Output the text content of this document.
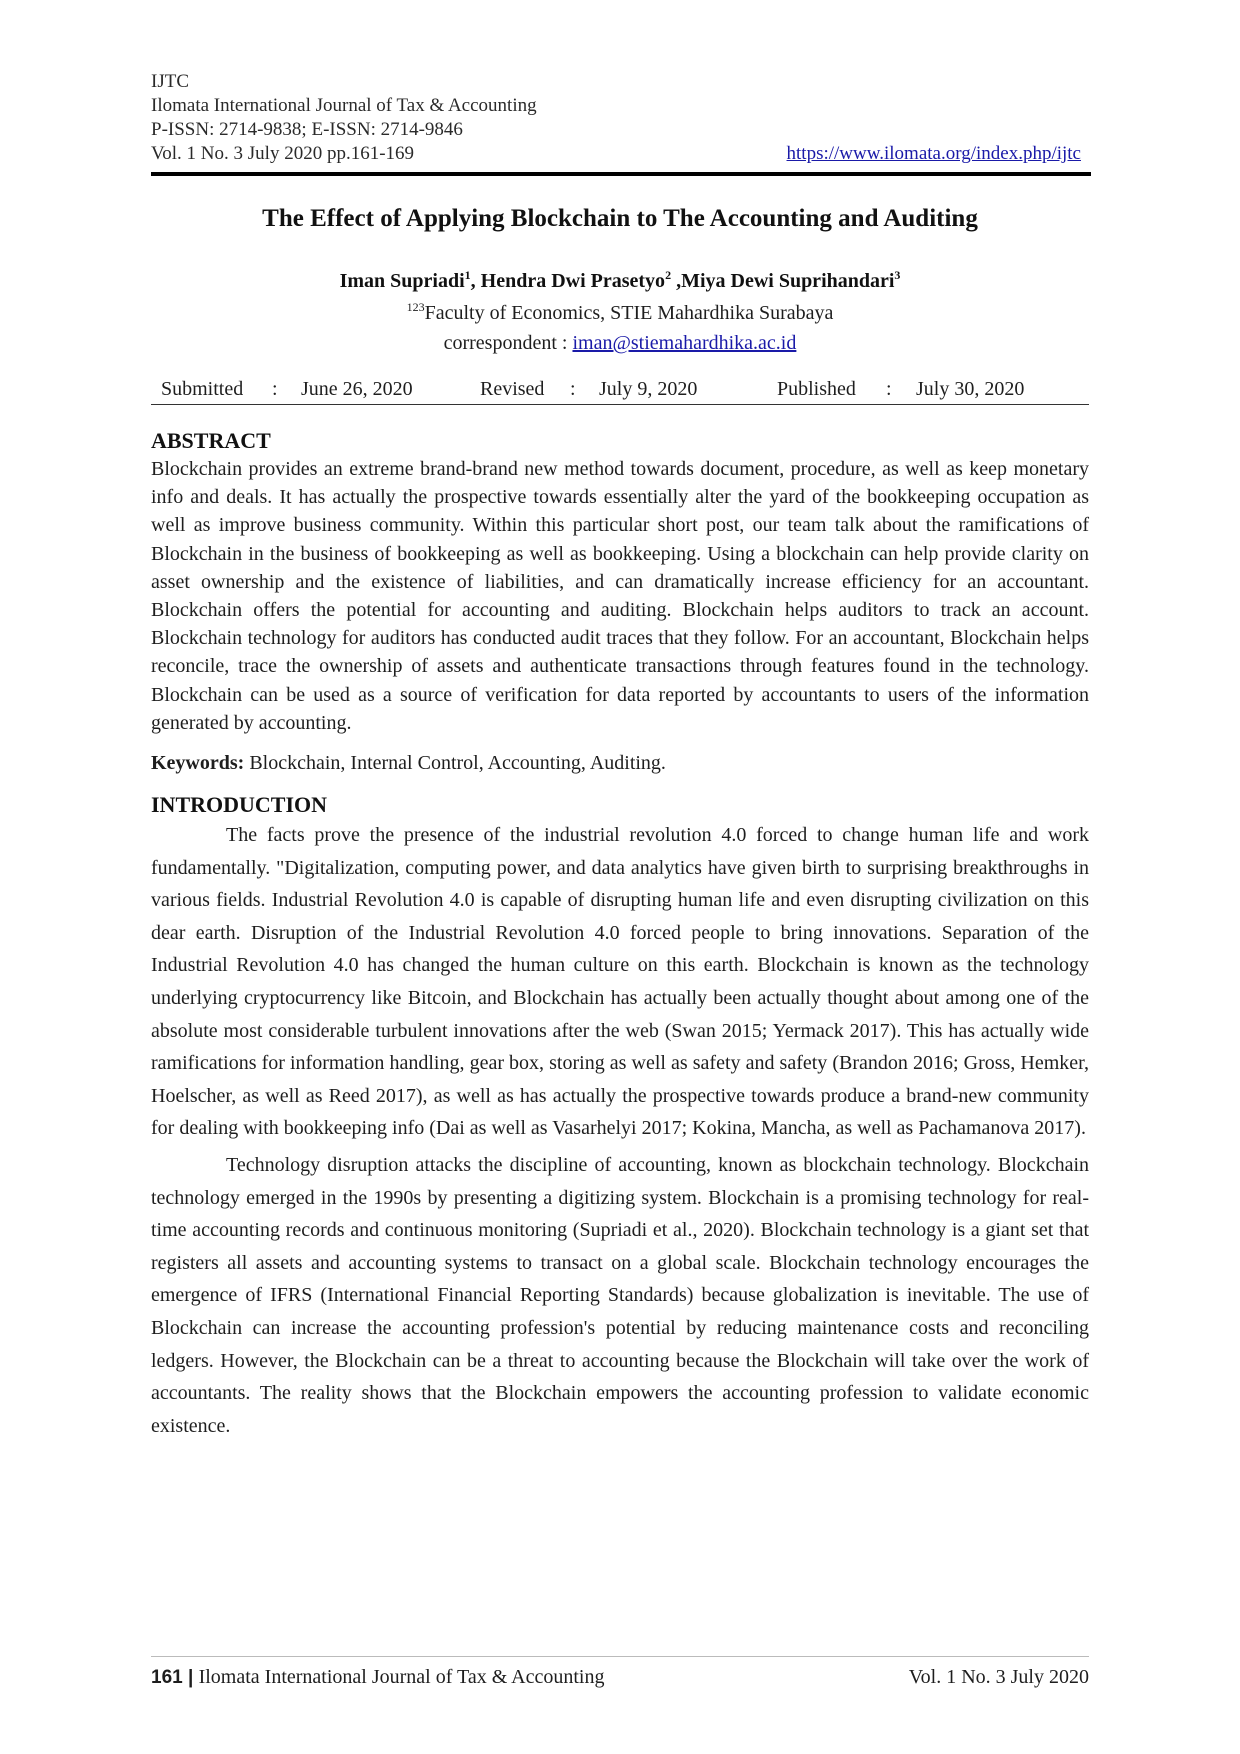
IJTC
Ilomata International Journal of Tax & Accounting
P-ISSN: 2714-9838; E-ISSN: 2714-9846
Vol. 1 No. 3 July 2020 pp.161-169	https://www.ilomata.org/index.php/ijtc
The Effect of Applying Blockchain to The Accounting and Auditing
Iman Supriadi$^1$, Hendra Dwi Prasetyo$^2$ ,Miya Dewi Suprihandari$^3$
$^{123}$Faculty of Economics, STIE Mahardhika Surabaya
correspondent : iman@stiemahardhika.ac.id
Submitted : June 26, 2020	Revised : July 9, 2020	Published : July 30, 2020
ABSTRACT

Blockchain provides an extreme brand-brand new method towards document, procedure, as well as keep monetary info and deals. It has actually the prospective towards essentially alter the yard of the bookkeeping occupation as well as improve business community. Within this particular short post, our team talk about the ramifications of Blockchain in the business of bookkeeping as well as bookkeeping. Using a blockchain can help provide clarity on asset ownership and the existence of liabilities, and can dramatically increase efficiency for an accountant. Blockchain offers the potential for accounting and auditing. Blockchain helps auditors to track an account. Blockchain technology for auditors has conducted audit traces that they follow. For an accountant, Blockchain helps reconcile, trace the ownership of assets and authenticate transactions through features found in the technology. Blockchain can be used as a source of verification for data reported by accountants to users of the information generated by accounting.

Keywords: Blockchain, Internal Control, Accounting, Auditing.
INTRODUCTION

The facts prove the presence of the industrial revolution 4.0 forced to change human life and work fundamentally. "Digitalization, computing power, and data analytics have given birth to surprising breakthroughs in various fields. Industrial Revolution 4.0 is capable of disrupting human life and even disrupting civilization on this dear earth. Disruption of the Industrial Revolution 4.0 forced people to bring innovations. Separation of the Industrial Revolution 4.0 has changed the human culture on this earth. Blockchain is known as the technology underlying cryptocurrency like Bitcoin, and Blockchain has actually been actually thought about among one of the absolute most considerable turbulent innovations after the web (Swan 2015; Yermack 2017). This has actually wide ramifications for information handling, gear box, storing as well as safety and safety (Brandon 2016; Gross, Hemker, Hoelscher, as well as Reed 2017), as well as has actually the prospective towards produce a brand-new community for dealing with bookkeeping info (Dai as well as Vasarhelyi 2017; Kokina, Mancha, as well as Pachamanova 2017).

Technology disruption attacks the discipline of accounting, known as blockchain technology. Blockchain technology emerged in the 1990s by presenting a digitizing system. Blockchain is a promising technology for real-time accounting records and continuous monitoring (Supriadi et al., 2020). Blockchain technology is a giant set that registers all assets and accounting systems to transact on a global scale. Blockchain technology encourages the emergence of IFRS (International Financial Reporting Standards) because globalization is inevitable. The use of Blockchain can increase the accounting profession's potential by reducing maintenance costs and reconciling ledgers. However, the Blockchain can be a threat to accounting because the Blockchain will take over the work of accountants. The reality shows that the Blockchain empowers the accounting profession to validate economic existence.

161 | Ilomata International Journal of Tax & Accounting	Vol. 1 No. 3 July 2020
